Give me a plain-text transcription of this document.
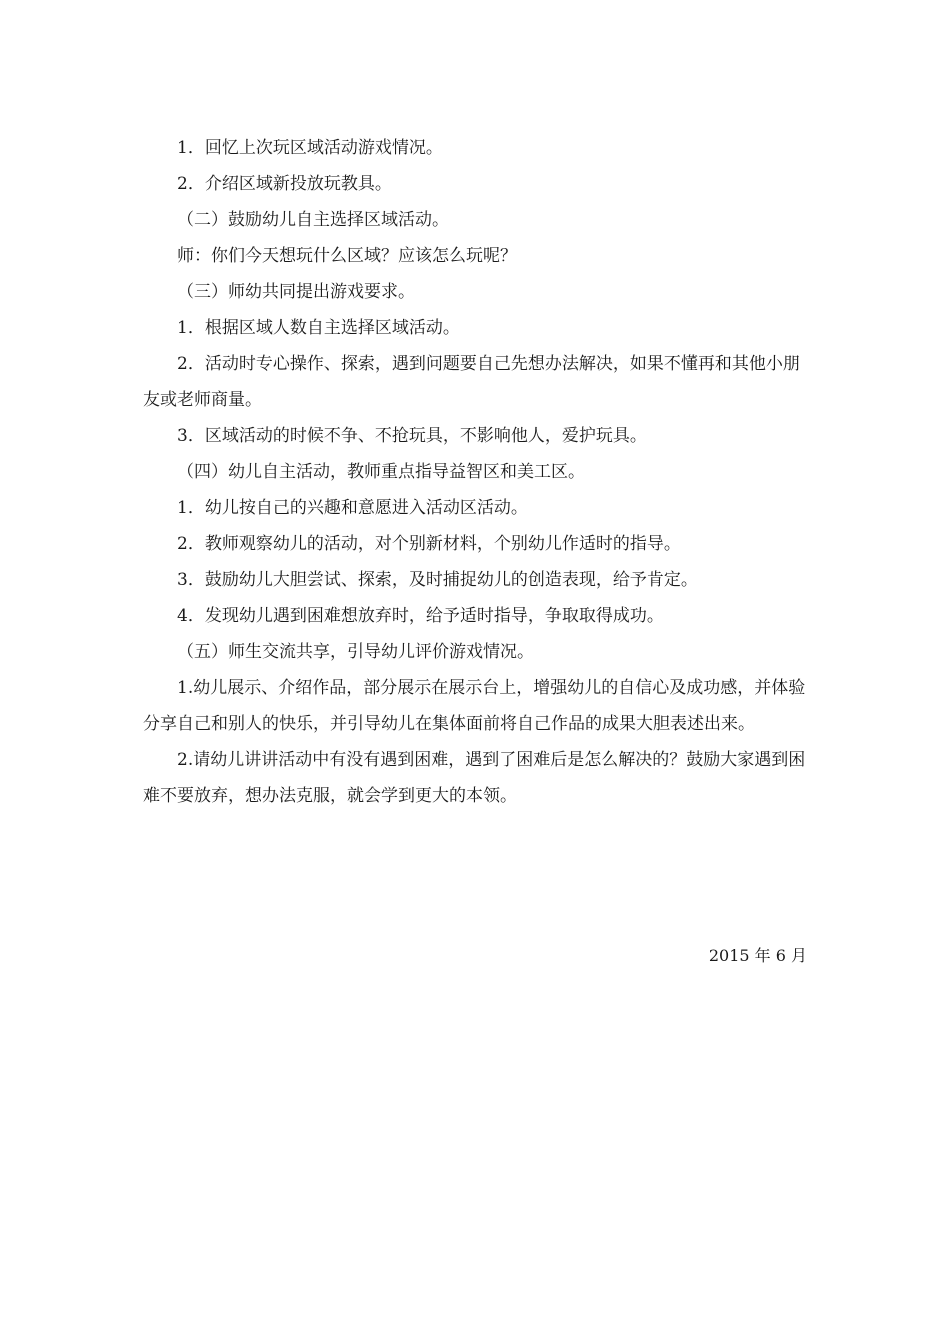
1．回忆上次玩区域活动游戏情况。

2．介绍区域新投放玩教具。

（二）鼓励幼儿自主选择区域活动。

师：你们今天想玩什么区域？应该怎么玩呢？

（三）师幼共同提出游戏要求。

1．根据区域人数自主选择区域活动。

2．活动时专心操作、探索，遇到问题要自己先想办法解决，如果不懂再和其他小朋友或老师商量。

3．区域活动的时候不争、不抢玩具，不影响他人，爱护玩具。

（四）幼儿自主活动，教师重点指导益智区和美工区。

1．幼儿按自己的兴趣和意愿进入活动区活动。

2．教师观察幼儿的活动，对个别新材料，个别幼儿作适时的指导。

3．鼓励幼儿大胆尝试、探索，及时捕捉幼儿的创造表现，给予肯定。

4．发现幼儿遇到困难想放弃时，给予适时指导，争取取得成功。

（五）师生交流共享，引导幼儿评价游戏情况。

1.幼儿展示、介绍作品，部分展示在展示台上，增强幼儿的自信心及成功感，并体验分享自己和别人的快乐，并引导幼儿在集体面前将自己作品的成果大胆表述出来。

2.请幼儿讲讲活动中有没有遇到困难，遇到了困难后是怎么解决的？鼓励大家遇到困难不要放弃，想办法克服，就会学到更大的本领。

2015 年 6 月
